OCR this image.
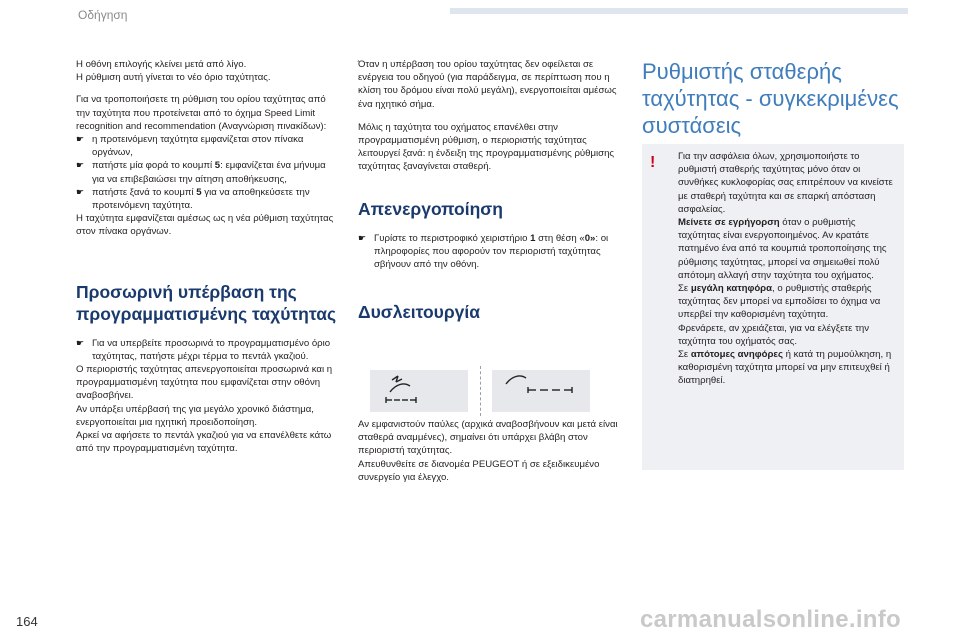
Οδήγηση

Η οθόνη επιλογής κλείνει μετά από λίγο.
Η ρύθμιση αυτή γίνεται το νέο όριο ταχύτητας.

Για να τροποποιήσετε τη ρύθμιση του ορίου ταχύτητας από την ταχύτητα που προτείνεται από το όχημα Speed Limit recognition and recommendation (Αναγνώριση πινακίδων):

☛ η προτεινόμενη ταχύτητα εμφανίζεται στον πίνακα οργάνων,
☛ πατήστε μία φορά το κουμπί 5: εμφανίζεται ένα μήνυμα για να επιβεβαιώσει την αίτηση αποθήκευσης,
☛ πατήστε ξανά το κουμπί 5 για να αποθηκεύσετε την προτεινόμενη ταχύτητα.

Η ταχύτητα εμφανίζεται αμέσως ως η νέα ρύθμιση ταχύτητας στον πίνακα οργάνων.

Προσωρινή υπέρβαση της προγραμματισμένης ταχύτητας
☛ Για να υπερβείτε προσωρινά το προγραμματισμένο όριο ταχύτητας, πατήστε μέχρι τέρμα το πεντάλ γκαζιού.

Ο περιοριστής ταχύτητας απενεργοποιείται προσωρινά και η προγραμματισμένη ταχύτητα που εμφανίζεται στην οθόνη αναβοσβήνει.
Αν υπάρξει υπέρβασή της για μεγάλο χρονικό διάστημα, ενεργοποιείται μια ηχητική προειδοποίηση.
Αρκεί να αφήσετε το πεντάλ γκαζιού για να επανέλθετε κάτω από την προγραμματισμένη ταχύτητα.

Όταν η υπέρβαση του ορίου ταχύτητας δεν οφείλεται σε ενέργεια του οδηγού (για παράδειγμα, σε περίπτωση που η κλίση του δρόμου είναι πολύ μεγάλη), ενεργοποιείται αμέσως ένα ηχητικό σήμα.

Μόλις η ταχύτητα του οχήματος επανέλθει στην προγραμματισμένη ρύθμιση, ο περιοριστής ταχύτητας λειτουργεί ξανά: η ένδειξη της προγραμματισμένης ρύθμισης ταχύτητας ξαναγίνεται σταθερή.

Απενεργοποίηση
☛ Γυρίστε το περιστροφικό χειριστήριο 1 στη θέση «0»: οι πληροφορίες που αφορούν τον περιοριστή ταχύτητας σβήνουν από την οθόνη.
Δυσλειτουργία

Αν εμφανιστούν παύλες (αρχικά αναβοσβήνουν και μετά είναι σταθερά αναμμένες), σημαίνει ότι υπάρχει βλάβη στον περιοριστή ταχύτητας.
Απευθυνθείτε σε διανομέα PEUGEOT ή σε εξειδικευμένο συνεργείο για έλεγχο.

Ρυθμιστής σταθερής ταχύτητας - συγκεκριμένες συστάσεις
! Για την ασφάλεια όλων, χρησιμοποιήστε το ρυθμιστή σταθερής ταχύτητας μόνο όταν οι συνθήκες κυκλοφορίας σας επιτρέπουν να κινείστε με σταθερή ταχύτητα και σε επαρκή απόσταση ασφαλείας.

Μείνετε σε εγρήγορση όταν ο ρυθμιστής ταχύτητας είναι ενεργοποιημένος. Αν κρατάτε πατημένο ένα από τα κουμπιά τροποποίησης της ρύθμισης ταχύτητας, μπορεί να σημειωθεί πολύ απότομη αλλαγή στην ταχύτητα του οχήματος.

Σε μεγάλη κατηφόρα, ο ρυθμιστής σταθερής ταχύτητας δεν μπορεί να εμποδίσει το όχημα να υπερβεί την καθορισμένη ταχύτητα.

Φρενάρετε, αν χρειάζεται, για να ελέγξετε την ταχύτητα του οχήματός σας.

Σε απότομες ανηφόρες ή κατά τη ρυμούλκηση, η καθορισμένη ταχύτητα μπορεί να μην επιτευχθεί ή διατηρηθεί.

164	carmanualsonline.info
